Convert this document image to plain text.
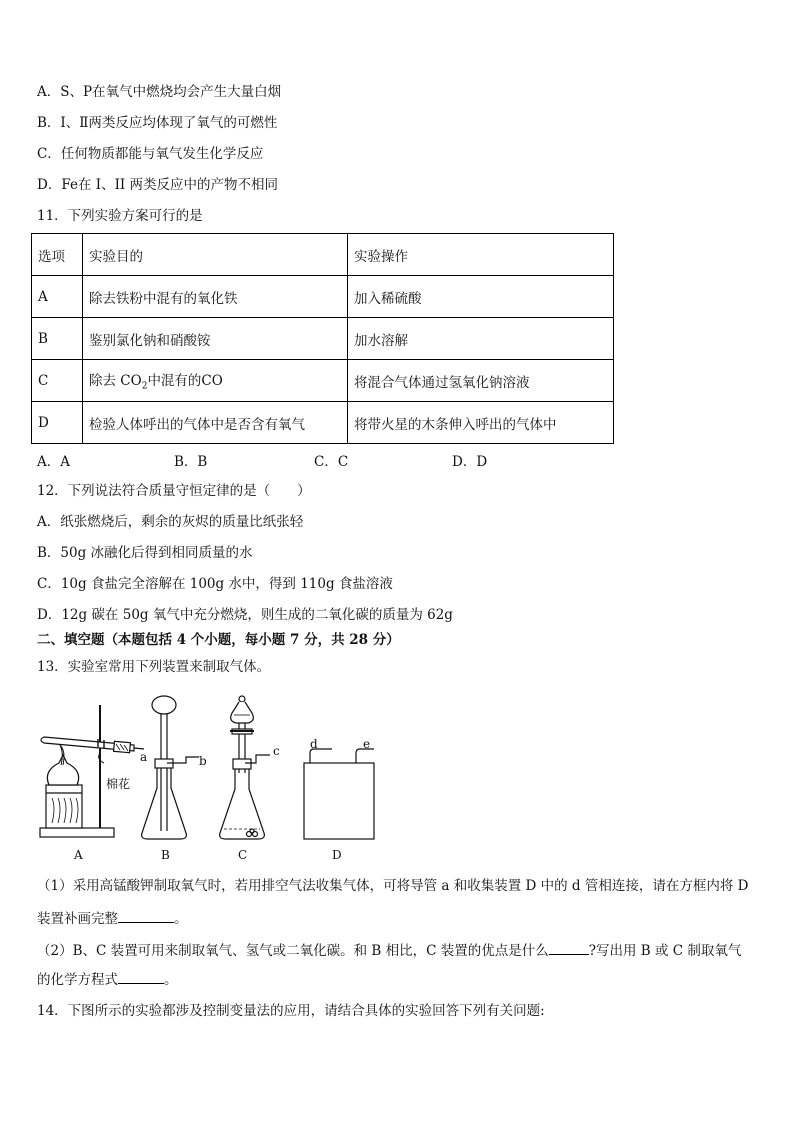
A．S、P在氧气中燃烧均会产生大量白烟
B．I、Ⅱ两类反应均体现了氧气的可燃性
C．任何物质都能与氧气发生化学反应
D．Fe在 I、II 两类反应中的产物不相同
11．下列实验方案可行的是
选项	实验目的	实验操作
A	除去铁粉中混有的氧化铁	加入稀硫酸
B	鉴别氯化钠和硝酸铵	加水溶解
C	除去 $CO_2$中混有的CO	将混合气体通过氢氧化钠溶液
D	检验人体呼出的气体中是否含有氧气	将带火星的木条伸入呼出的气体中
A．A	B．B	C．C	D．D
12．下列说法符合质量守恒定律的是（　　）
A．纸张燃烧后，剩余的灰烬的质量比纸张轻
B．50g 冰融化后得到相同质量的水
C．10g 食盐完全溶解在 100g 水中，得到 110g 食盐溶液
D．12g 碳在 50g 氧气中充分燃烧，则生成的二氧化碳的质量为 62g
二、填空题（本题包括 4 个小题，每小题 7 分，共 28 分）
13．实验室常用下列装置来制取气体。
a
棉花
b
c	d	e
A	B	C	D
（1）采用高锰酸钾制取氧气时，若用排空气法收集气体，可将导管 a 和收集装置 D 中的 d 管相连接，请在方框内将 D
装置补画完整	。
（2）B、C 装置可用来制取氧气、氢气或二氧化碳。和 B 相比，C 装置的优点是什么	?写出用 B 或 C 制取氧气
的化学方程式	。
14．下图所示的实验都涉及控制变量法的应用，请结合具体的实验回答下列有关问题:
